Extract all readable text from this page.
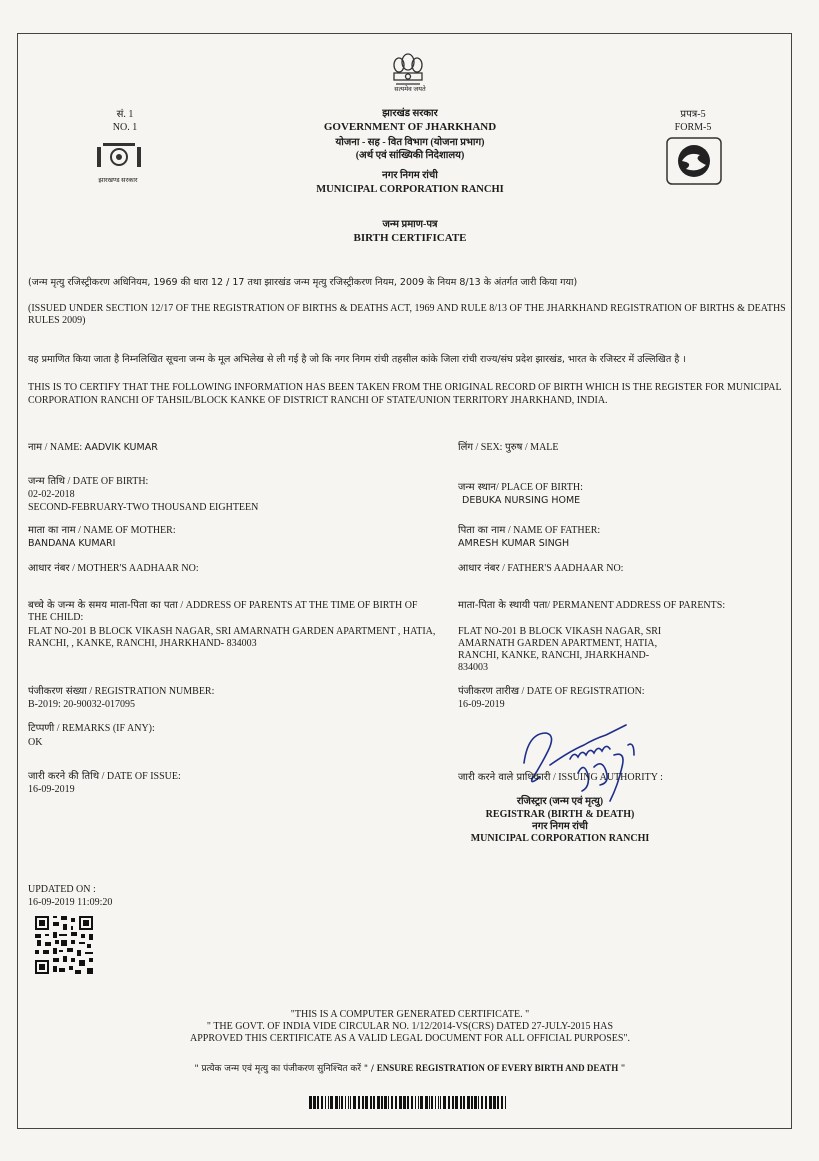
सत्यमेव जयते
सं. 1
NO. 1
झारखण्ड सरकार
प्रपत्र-5
FORM-5
झारखंड सरकार
GOVERNMENT OF JHARKHAND
योजना - सह - वित विभाग (योजना प्रभाग)
(अर्थ एवं सांख्यिकी निदेशालय)
नगर निगम रांची
MUNICIPAL CORPORATION RANCHI
जन्म प्रमाण-पत्र
BIRTH CERTIFICATE
(जन्म मृत्यु रजिस्ट्रीकरण अधिनियम, 1969 की धारा 12 / 17 तथा झारखंड जन्म मृत्यु रजिस्ट्रीकरण नियम, 2009 के नियम 8/13 के अंतर्गत जारी किया गया)
(ISSUED UNDER SECTION 12/17 OF THE REGISTRATION OF BIRTHS & DEATHS ACT, 1969 AND RULE 8/13 OF THE JHARKHAND REGISTRATION OF BIRTHS & DEATHS RULES 2009)
यह प्रमाणित किया जाता है निम्नलिखित सूचना जन्म के मूल अभिलेख से ली गई है जो कि नगर निगम रांची तहसील कांके जिला रांची राज्य/संघ प्रदेश झारखंड, भारत के रजिस्टर में उल्लिखित है ।
THIS IS TO CERTIFY THAT THE FOLLOWING INFORMATION HAS BEEN TAKEN FROM THE ORIGINAL RECORD OF BIRTH WHICH IS THE REGISTER FOR MUNICIPAL CORPORATION RANCHI OF TAHSIL/BLOCK KANKE OF DISTRICT RANCHI OF STATE/UNION TERRITORY JHARKHAND, INDIA.
नाम / NAME: AADVIK KUMAR
जन्म तिथि / DATE OF BIRTH:
02-02-2018
SECOND-FEBRUARY-TWO THOUSAND EIGHTEEN
माता का नाम / NAME OF MOTHER:
BANDANA KUMARI
आधार नंबर / MOTHER'S AADHAAR NO:
बच्चे के जन्म के समय माता-पिता का पता / ADDRESS OF PARENTS AT THE TIME OF BIRTH OF THE CHILD:
FLAT NO-201 B BLOCK VIKASH NAGAR, SRI AMARNATH GARDEN APARTMENT , HATIA, RANCHI, , KANKE, RANCHI, JHARKHAND- 834003
पंजीकरण संख्या / REGISTRATION NUMBER:
B-2019: 20-90032-017095
टिप्पणी / REMARKS (IF ANY):
OK
जारी करने की तिथि / DATE OF ISSUE:
16-09-2019
लिंग / SEX: पुरुष / MALE
जन्म स्थान/ PLACE OF BIRTH:
DEBUKA NURSING HOME
पिता का नाम / NAME OF FATHER:
AMRESH KUMAR SINGH
आधार नंबर / FATHER'S AADHAAR NO:
माता-पिता के स्थायी पता/ PERMANENT ADDRESS OF PARENTS:
FLAT NO-201 B BLOCK VIKASH NAGAR, SRI AMARNATH GARDEN APARTMENT, HATIA, RANCHI, KANKE, RANCHI, JHARKHAND- 834003
पंजीकरण तारीख / DATE OF REGISTRATION:
16-09-2019
जारी करने वाले प्राधिकारी / ISSUING AUTHORITY :
रजिस्ट्रार (जन्म एवं मृत्यु)
REGISTRAR (BIRTH & DEATH)
नगर निगम रांची
MUNICIPAL CORPORATION RANCHI
UPDATED ON :
16-09-2019 11:09:20
"THIS IS A COMPUTER GENERATED CERTIFICATE. "
" THE GOVT. OF INDIA VIDE CIRCULAR NO. 1/12/2014-VS(CRS) DATED 27-JULY-2015 HAS
APPROVED THIS CERTIFICATE AS A VALID LEGAL DOCUMENT FOR ALL OFFICIAL PURPOSES".
" प्रत्येक जन्म एवं मृत्यु का पंजीकरण सुनिश्चित करें " / ENSURE REGISTRATION OF EVERY BIRTH AND DEATH "
